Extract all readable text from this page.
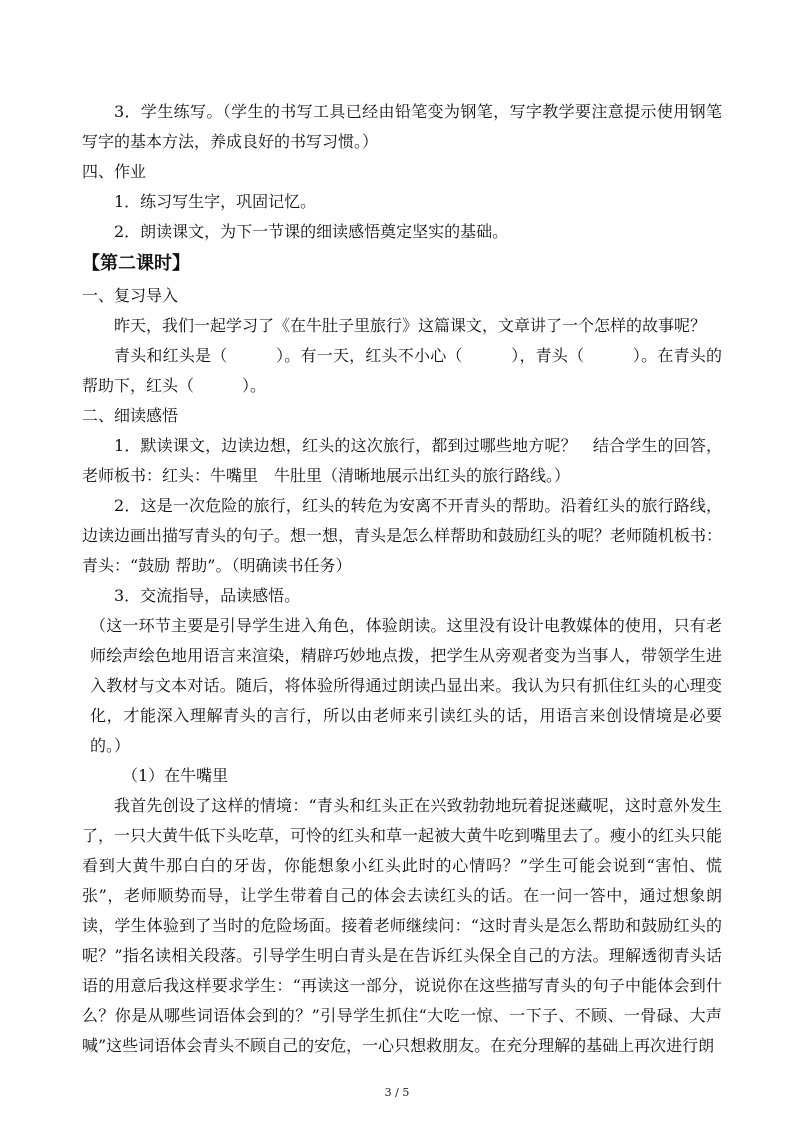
3．学生练写。（学生的书写工具已经由铅笔变为钢笔，写字教学要注意提示使用钢笔写字的基本方法，养成良好的书写习惯。）

四、作业

1．练习写生字，巩固记忆。

2．朗读课文，为下一节课的细读感悟奠定坚实的基础。

【第二课时】

一、复习导入

昨天，我们一起学习了《在牛肚子里旅行》这篇课文，文章讲了一个怎样的故事呢？

青头和红头是（　　　）。有一天，红头不小心（　　　），青头（　　　）。在青头的帮助下，红头（　　　）。

二、细读感悟

1．默读课文，边读边想，红头的这次旅行，都到过哪些地方呢？　结合学生的回答，老师板书：红头：牛嘴里　牛肚里（清晰地展示出红头的旅行路线。）

2．这是一次危险的旅行，红头的转危为安离不开青头的帮助。沿着红头的旅行路线，边读边画出描写青头的句子。想一想，青头是怎么样帮助和鼓励红头的呢？老师随机板书：青头：“鼓励 帮助”。（明确读书任务）

3．交流指导，品读感悟。

（这一环节主要是引导学生进入角色，体验朗读。这里没有设计电教媒体的使用，只有老师绘声绘色地用语言来渲染，精辟巧妙地点拨，把学生从旁观者变为当事人，带领学生进入教材与文本对话。随后，将体验所得通过朗读凸显出来。我认为只有抓住红头的心理变化，才能深入理解青头的言行，所以由老师来引读红头的话，用语言来创设情境是必要的。）

（1）在牛嘴里

我首先创设了这样的情境：“青头和红头正在兴致勃勃地玩着捉迷藏呢，这时意外发生了，一只大黄牛低下头吃草，可怜的红头和草一起被大黄牛吃到嘴里去了。瘦小的红头只能看到大黄牛那白白的牙齿，你能想象小红头此时的心情吗？”学生可能会说到“害怕、慌张”，老师顺势而导，让学生带着自己的体会去读红头的话。在一问一答中，通过想象朗读，学生体验到了当时的危险场面。接着老师继续问：“这时青头是怎么帮助和鼓励红头的呢？”指名读相关段落。引导学生明白青头是在告诉红头保全自己的方法。理解透彻青头话语的用意后我这样要求学生：“再读这一部分，说说你在这些描写青头的句子中能体会到什么？你是从哪些词语体会到的？”引导学生抓住“大吃一惊、一下子、不顾、一骨碌、大声喊”这些词语体会青头不顾自己的安危，一心只想救朋友。在充分理解的基础上再次进行朗

3 / 5
